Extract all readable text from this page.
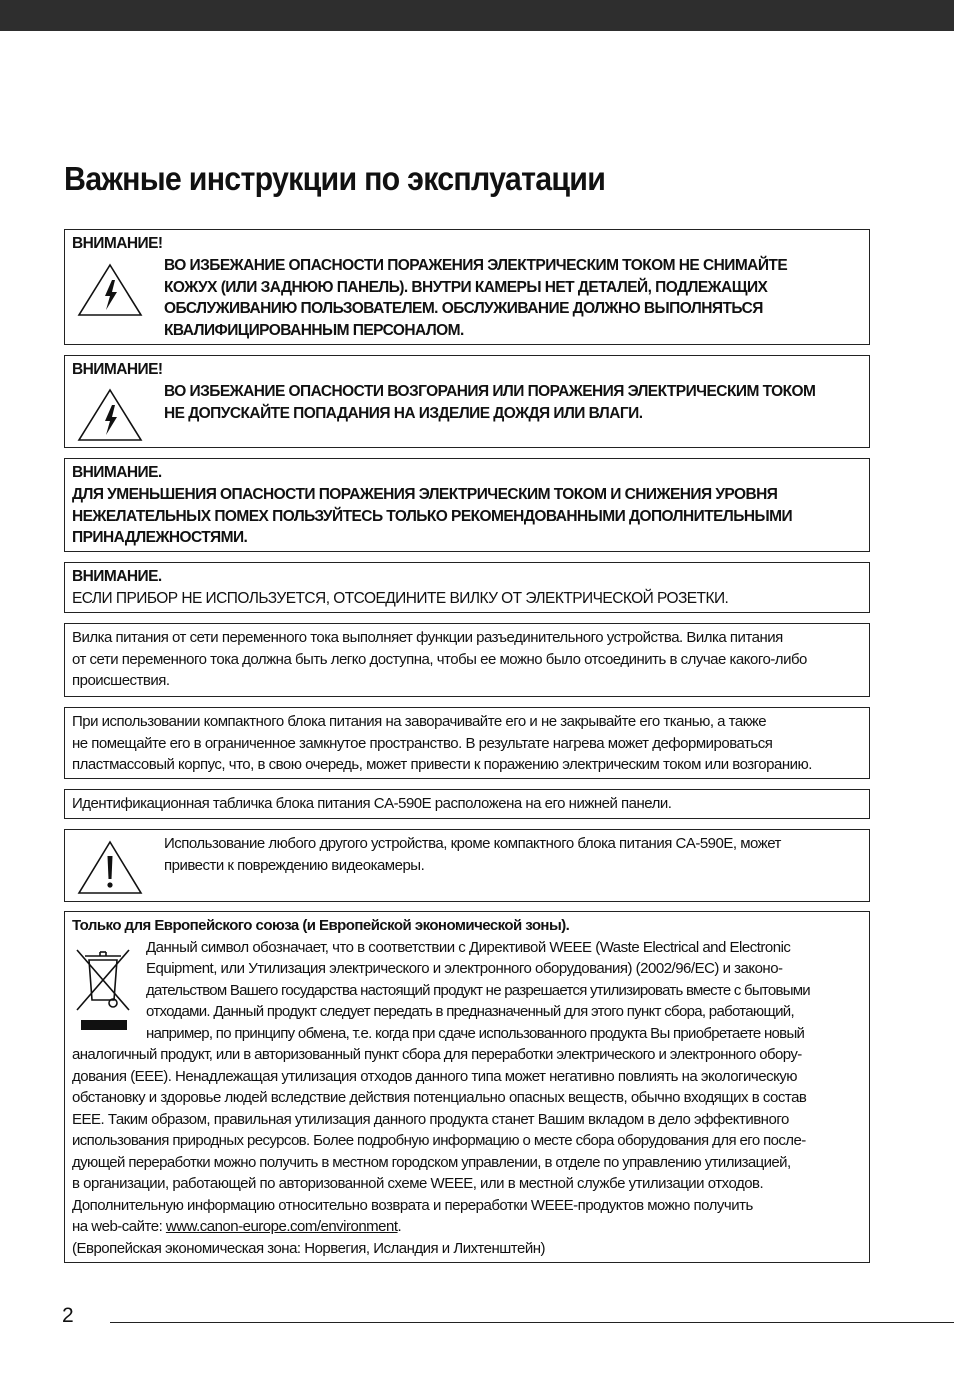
Важные инструкции по эксплуатации
ВНИМАНИЕ!
ВО ИЗБЕЖАНИЕ ОПАСНОСТИ ПОРАЖЕНИЯ ЭЛЕКТРИЧЕСКИМ ТОКОМ НЕ СНИМАЙТЕ
КОЖУХ (ИЛИ ЗАДНЮЮ ПАНЕЛЬ). ВНУТРИ КАМЕРЫ НЕТ ДЕТАЛЕЙ, ПОДЛЕЖАЩИХ
ОБСЛУЖИВАНИЮ ПОЛЬЗОВАТЕЛЕМ. ОБСЛУЖИВАНИЕ ДОЛЖНО ВЫПОЛНЯТЬСЯ
КВАЛИФИЦИРОВАННЫМ ПЕРСОНАЛОМ.
ВНИМАНИЕ!
ВО ИЗБЕЖАНИЕ ОПАСНОСТИ ВОЗГОРАНИЯ ИЛИ ПОРАЖЕНИЯ ЭЛЕКТРИЧЕСКИМ ТОКОМ
НЕ ДОПУСКАЙТЕ ПОПАДАНИЯ НА ИЗДЕЛИЕ ДОЖДЯ ИЛИ ВЛАГИ.
ВНИМАНИЕ.
ДЛЯ УМЕНЬШЕНИЯ ОПАСНОСТИ ПОРАЖЕНИЯ ЭЛЕКТРИЧЕСКИМ ТОКОМ И СНИЖЕНИЯ УРОВНЯ
НЕЖЕЛАТЕЛЬНЫХ ПОМЕХ ПОЛЬЗУЙТЕСЬ ТОЛЬКО РЕКОМЕНДОВАННЫМИ ДОПОЛНИТЕЛЬНЫМИ
ПРИНАДЛЕЖНОСТЯМИ.
ВНИМАНИЕ.
ЕСЛИ ПРИБОР НЕ ИСПОЛЬЗУЕТСЯ, ОТСОЕДИНИТЕ ВИЛКУ ОТ ЭЛЕКТРИЧЕСКОЙ РОЗЕТКИ.
Вилка питания от сети переменного тока выполняет функции разъединительного устройства. Вилка питания
от сети переменного тока должна быть легко доступна, чтобы ее можно было отсоединить в случае какого-либо
происшествия.
При использовании компактного блока питания на заворачивайте его и не закрывайте его тканью, а также
не помещайте его в ограниченное замкнутое пространство. В результате нагрева может деформироваться
пластмассовый корпус, что, в свою очередь, может привести к поражению электрическим током или возгоранию.
Идентификационная табличка блока питания CA-590E расположена на его нижней панели.
Использование любого другого устройства, кроме компактного блока питания CA-590E, может
привести к повреждению видеокамеры.
Только для Европейского союза (и Европейской экономической зоны).
Данный символ обозначает, что в соответствии с Директивой WEEE (Waste Electrical and Electronic
Equipment, или Утилизация электрического и электронного оборудования) (2002/96/EC) и законо-
дательством Вашего государства настоящий продукт не разрешается утилизировать вместе с бытовыми
отходами. Данный продукт следует передать в предназначенный для этого пункт сбора, работающий,
например, по принципу обмена, т.е. когда при сдаче использованного продукта Вы приобретаете новый
аналогичный продукт, или в авторизованный пункт сбора для переработки электрического и электронного обору-
дования (EEE). Ненадлежащая утилизация отходов данного типа может негативно повлиять на экологическую
обстановку и здоровье людей вследствие действия потенциально опасных веществ, обычно входящих в состав
EEE. Таким образом, правильная утилизация данного продукта станет Вашим вкладом в дело эффективного
использования природных ресурсов. Более подробную информацию о месте сбора оборудования для его после-
дующей переработки можно получить в местном городском управлении, в отделе по управлению утилизацией,
в организации, работающей по авторизованной схеме WEEE, или в местной службе утилизации отходов.
Дополнительную информацию относительно возврата и переработки WEEE-продуктов можно получить
на web-сайте: www.canon-europe.com/environment.
(Европейская экономическая зона: Норвегия, Исландия и Лихтенштейн)
2
